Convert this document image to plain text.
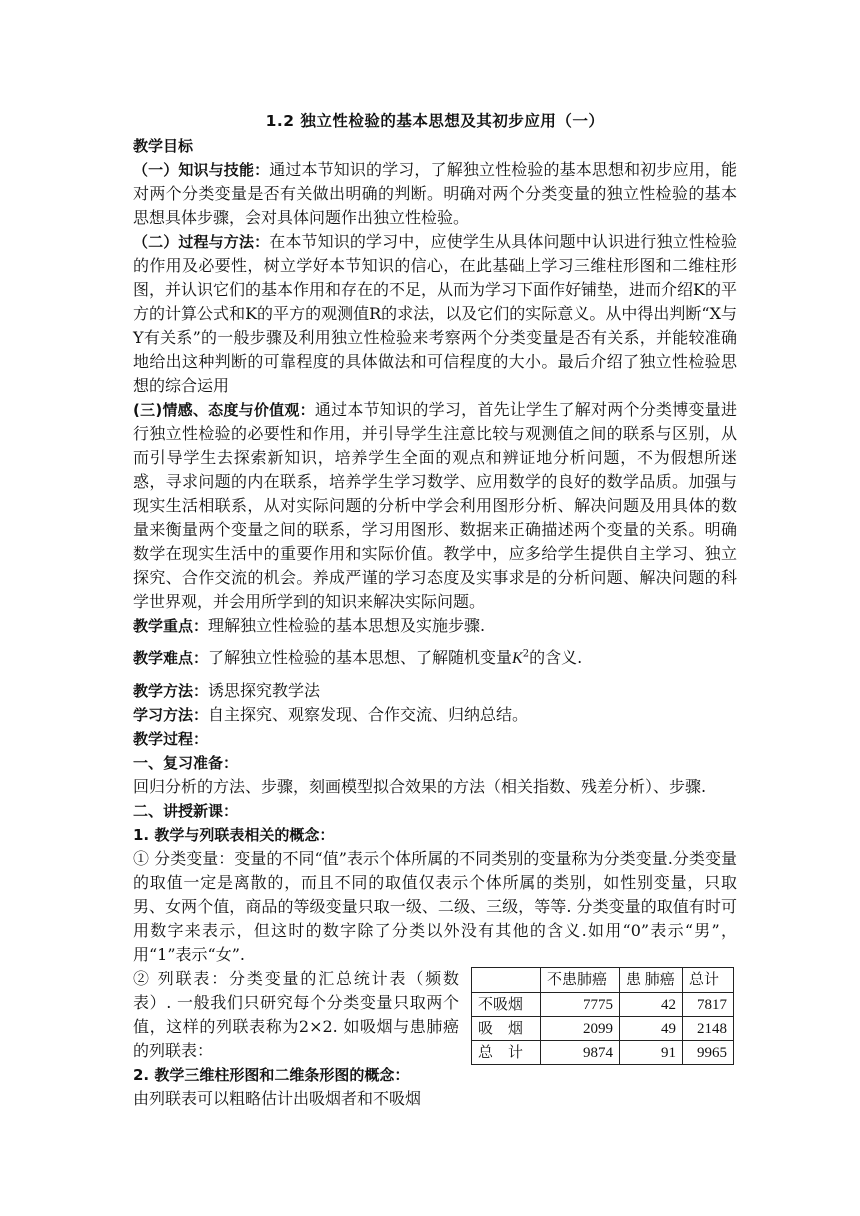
1.2 独立性检验的基本思想及其初步应用（一）

教学目标

（一）知识与技能：通过本节知识的学习，了解独立性检验的基本思想和初步应用，能对两个分类变量是否有关做出明确的判断。明确对两个分类变量的独立性检验的基本思想具体步骤，会对具体问题作出独立性检验。

（二）过程与方法：在本节知识的学习中，应使学生从具体问题中认识进行独立性检验的作用及必要性，树立学好本节知识的信心，在此基础上学习三维柱形图和二维柱形图，并认识它们的基本作用和存在的不足，从而为学习下面作好铺垫，进而介绍K的平方的计算公式和K的平方的观测值R的求法，以及它们的实际意义。从中得出判断“X与Y有关系”的一般步骤及利用独立性检验来考察两个分类变量是否有关系，并能较准确地给出这种判断的可靠程度的具体做法和可信程度的大小。最后介绍了独立性检验思想的综合运用

(三)情感、态度与价值观：通过本节知识的学习，首先让学生了解对两个分类博变量进行独立性检验的必要性和作用，并引导学生注意比较与观测值之间的联系与区别，从而引导学生去探索新知识，培养学生全面的观点和辨证地分析问题，不为假想所迷惑，寻求问题的内在联系，培养学生学习数学、应用数学的良好的数学品质。加强与现实生活相联系，从对实际问题的分析中学会利用图形分析、解决问题及用具体的数量来衡量两个变量之间的联系，学习用图形、数据来正确描述两个变量的关系。明确数学在现实生活中的重要作用和实际价值。教学中，应多给学生提供自主学习、独立探究、合作交流的机会。养成严谨的学习态度及实事求是的分析问题、解决问题的科学世界观，并会用所学到的知识来解决实际问题。

教学重点：理解独立性检验的基本思想及实施步骤.

教学难点：了解独立性检验的基本思想、了解随机变量$K^2$的含义.

教学方法：诱思探究教学法

学习方法：自主探究、观察发现、合作交流、归纳总结。

教学过程：

一、复习准备：

回归分析的方法、步骤，刻画模型拟合效果的方法（相关指数、残差分析）、步骤.

二、讲授新课：

1. 教学与列联表相关的概念：

① 分类变量：变量的不同“值”表示个体所属的不同类别的变量称为分类变量.分类变量的取值一定是离散的，而且不同的取值仅表示个体所属的类别，如性别变量，只取男、女两个值，商品的等级变量只取一级、二级、三级，等等. 分类变量的取值有时可用数字来表示，但这时的数字除了分类以外没有其他的含义.如用“0”表示“男”，用“1”表示“女”.

② 列联表：分类变量的汇总统计表（频数表）. 一般我们只研究每个分类变量只取两个值，这样的列联表称为2×2. 如吸烟与患肺癌的列联表：

2. 教学三维柱形图和二维条形图的概念：

由列联表可以粗略估计出吸烟者和不吸烟

	不患肺癌	患 肺癌	总计
不吸烟	7775	42	7817
吸　烟	2099	49	2148
总　计	9874	91	9965
